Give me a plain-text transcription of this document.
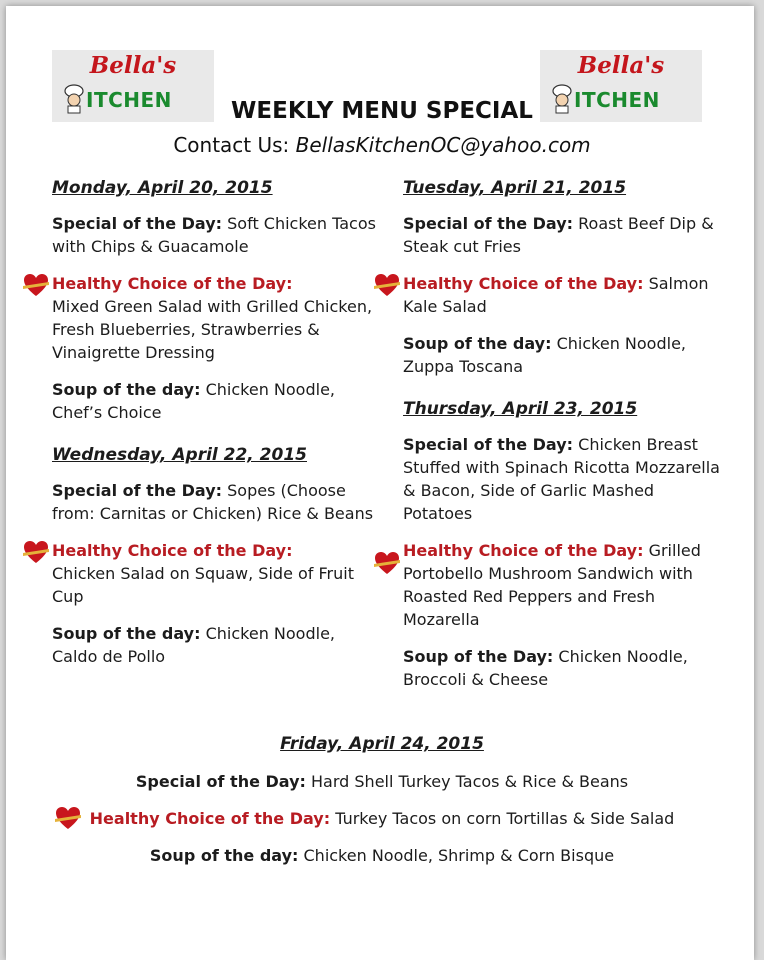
Bella's
ITCHEN
Bella's
ITCHEN
WEEKLY MENU SPECIAL
Contact Us: BellasKitchenOC@yahoo.com
Monday, April 20, 2015
Special of the Day: Soft Chicken Tacos with Chips & Guacamole
Healthy Choice of the Day:
Mixed Green Salad with Grilled Chicken, Fresh Blueberries, Strawberries & Vinaigrette Dressing
Soup of the day: Chicken Noodle, Chef’s Choice
Wednesday, April 22, 2015
Special of the Day: Sopes (Choose from: Carnitas or Chicken) Rice & Beans
Healthy Choice of the Day:
Chicken Salad on Squaw, Side of Fruit Cup
Soup of the day: Chicken Noodle, Caldo de Pollo
Tuesday, April 21, 2015
Special of the Day: Roast Beef Dip & Steak cut Fries
Healthy Choice of the Day: Salmon Kale Salad
Soup of the day: Chicken Noodle, Zuppa Toscana
Thursday, April 23, 2015
Special of the Day: Chicken Breast Stuffed with Spinach Ricotta Mozzarella & Bacon, Side of Garlic Mashed Potatoes
Healthy Choice of the Day: Grilled Portobello Mushroom Sandwich with Roasted Red Peppers and Fresh Mozarella
Soup of the Day: Chicken Noodle, Broccoli & Cheese
Friday, April 24, 2015
Special of the Day: Hard Shell Turkey Tacos & Rice & Beans
Healthy Choice of the Day: Turkey Tacos on corn Tortillas & Side Salad
Soup of the day: Chicken Noodle, Shrimp & Corn Bisque
